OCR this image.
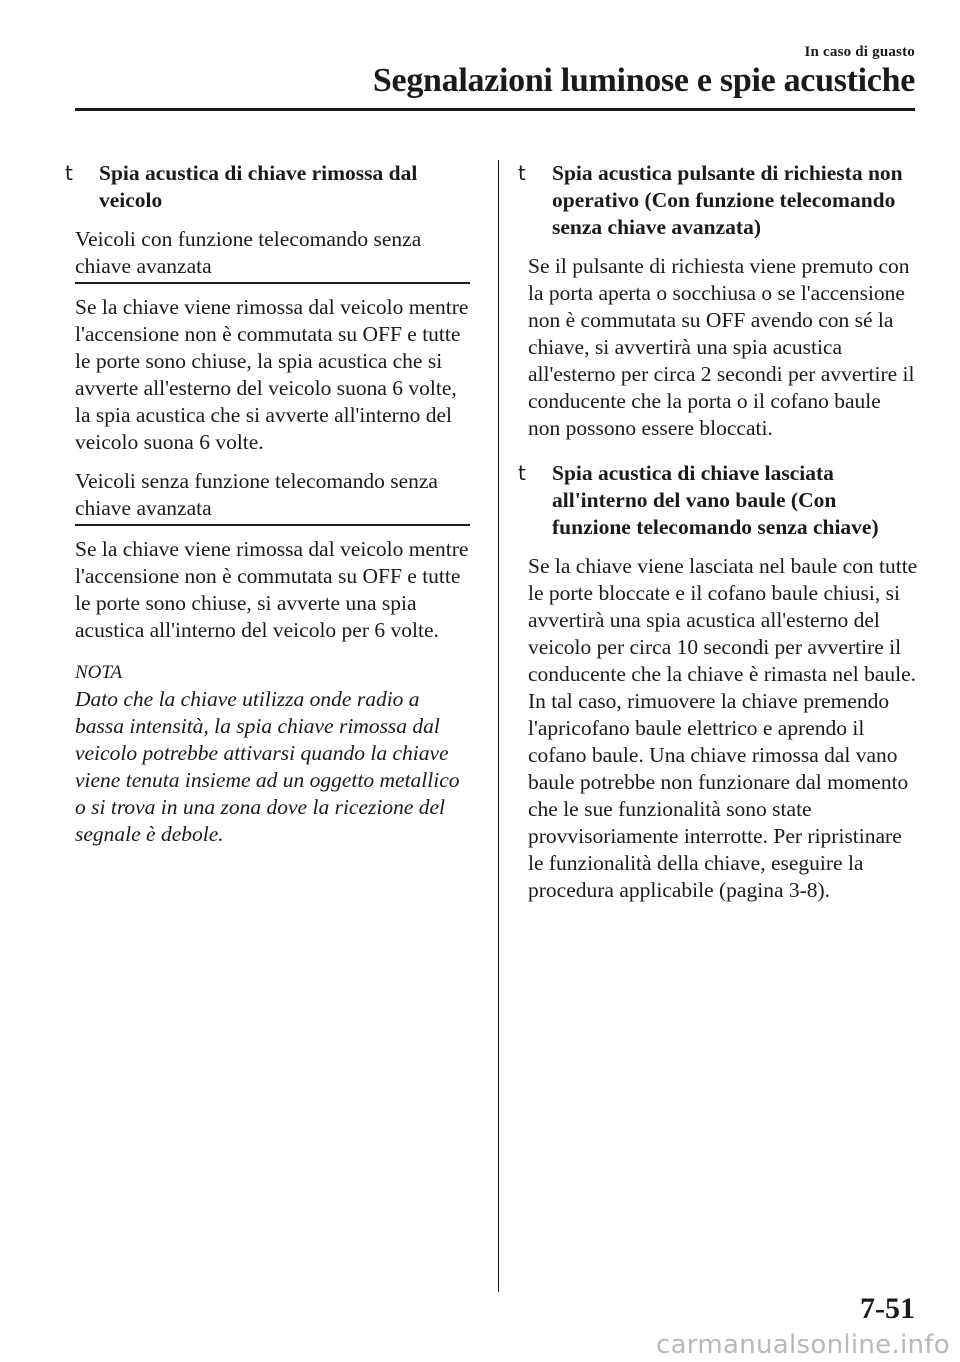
In caso di guasto
Segnalazioni luminose e spie acustiche
t	Spia acustica di chiave rimossa dal veicolo
Veicoli con funzione telecomando senza chiave avanzata

Se la chiave viene rimossa dal veicolo mentre l'accensione non è commutata su OFF e tutte le porte sono chiuse, la spia acustica che si avverte all'esterno del veicolo suona 6 volte, la spia acustica che si avverte all'interno del veicolo suona 6 volte.

Veicoli senza funzione telecomando senza chiave avanzata

Se la chiave viene rimossa dal veicolo mentre l'accensione non è commutata su OFF e tutte le porte sono chiuse, si avverte una spia acustica all'interno del veicolo per 6 volte.

NOTA
Dato che la chiave utilizza onde radio a bassa intensità, la spia chiave rimossa dal veicolo potrebbe attivarsi quando la chiave viene tenuta insieme ad un oggetto metallico o si trova in una zona dove la ricezione del segnale è debole.
t	Spia acustica pulsante di richiesta non operativo (Con funzione telecomando senza chiave avanzata)

Se il pulsante di richiesta viene premuto con la porta aperta o socchiusa o se l'accensione non è commutata su OFF avendo con sé la chiave, si avvertirà una spia acustica all'esterno per circa 2 secondi per avvertire il conducente che la porta o il cofano baule non possono essere bloccati.

t	Spia acustica di chiave lasciata all'interno del vano baule (Con funzione telecomando senza chiave)

Se la chiave viene lasciata nel baule con tutte le porte bloccate e il cofano baule chiusi, si avvertirà una spia acustica all'esterno del veicolo per circa 10 secondi per avvertire il conducente che la chiave è rimasta nel baule. In tal caso, rimuovere la chiave premendo l'apricofano baule elettrico e aprendo il cofano baule. Una chiave rimossa dal vano baule potrebbe non funzionare dal momento che le sue funzionalità sono state provvisoriamente interrotte. Per ripristinare le funzionalità della chiave, eseguire la procedura applicabile (pagina 3-8).

7-51
carmanualsonline.info
